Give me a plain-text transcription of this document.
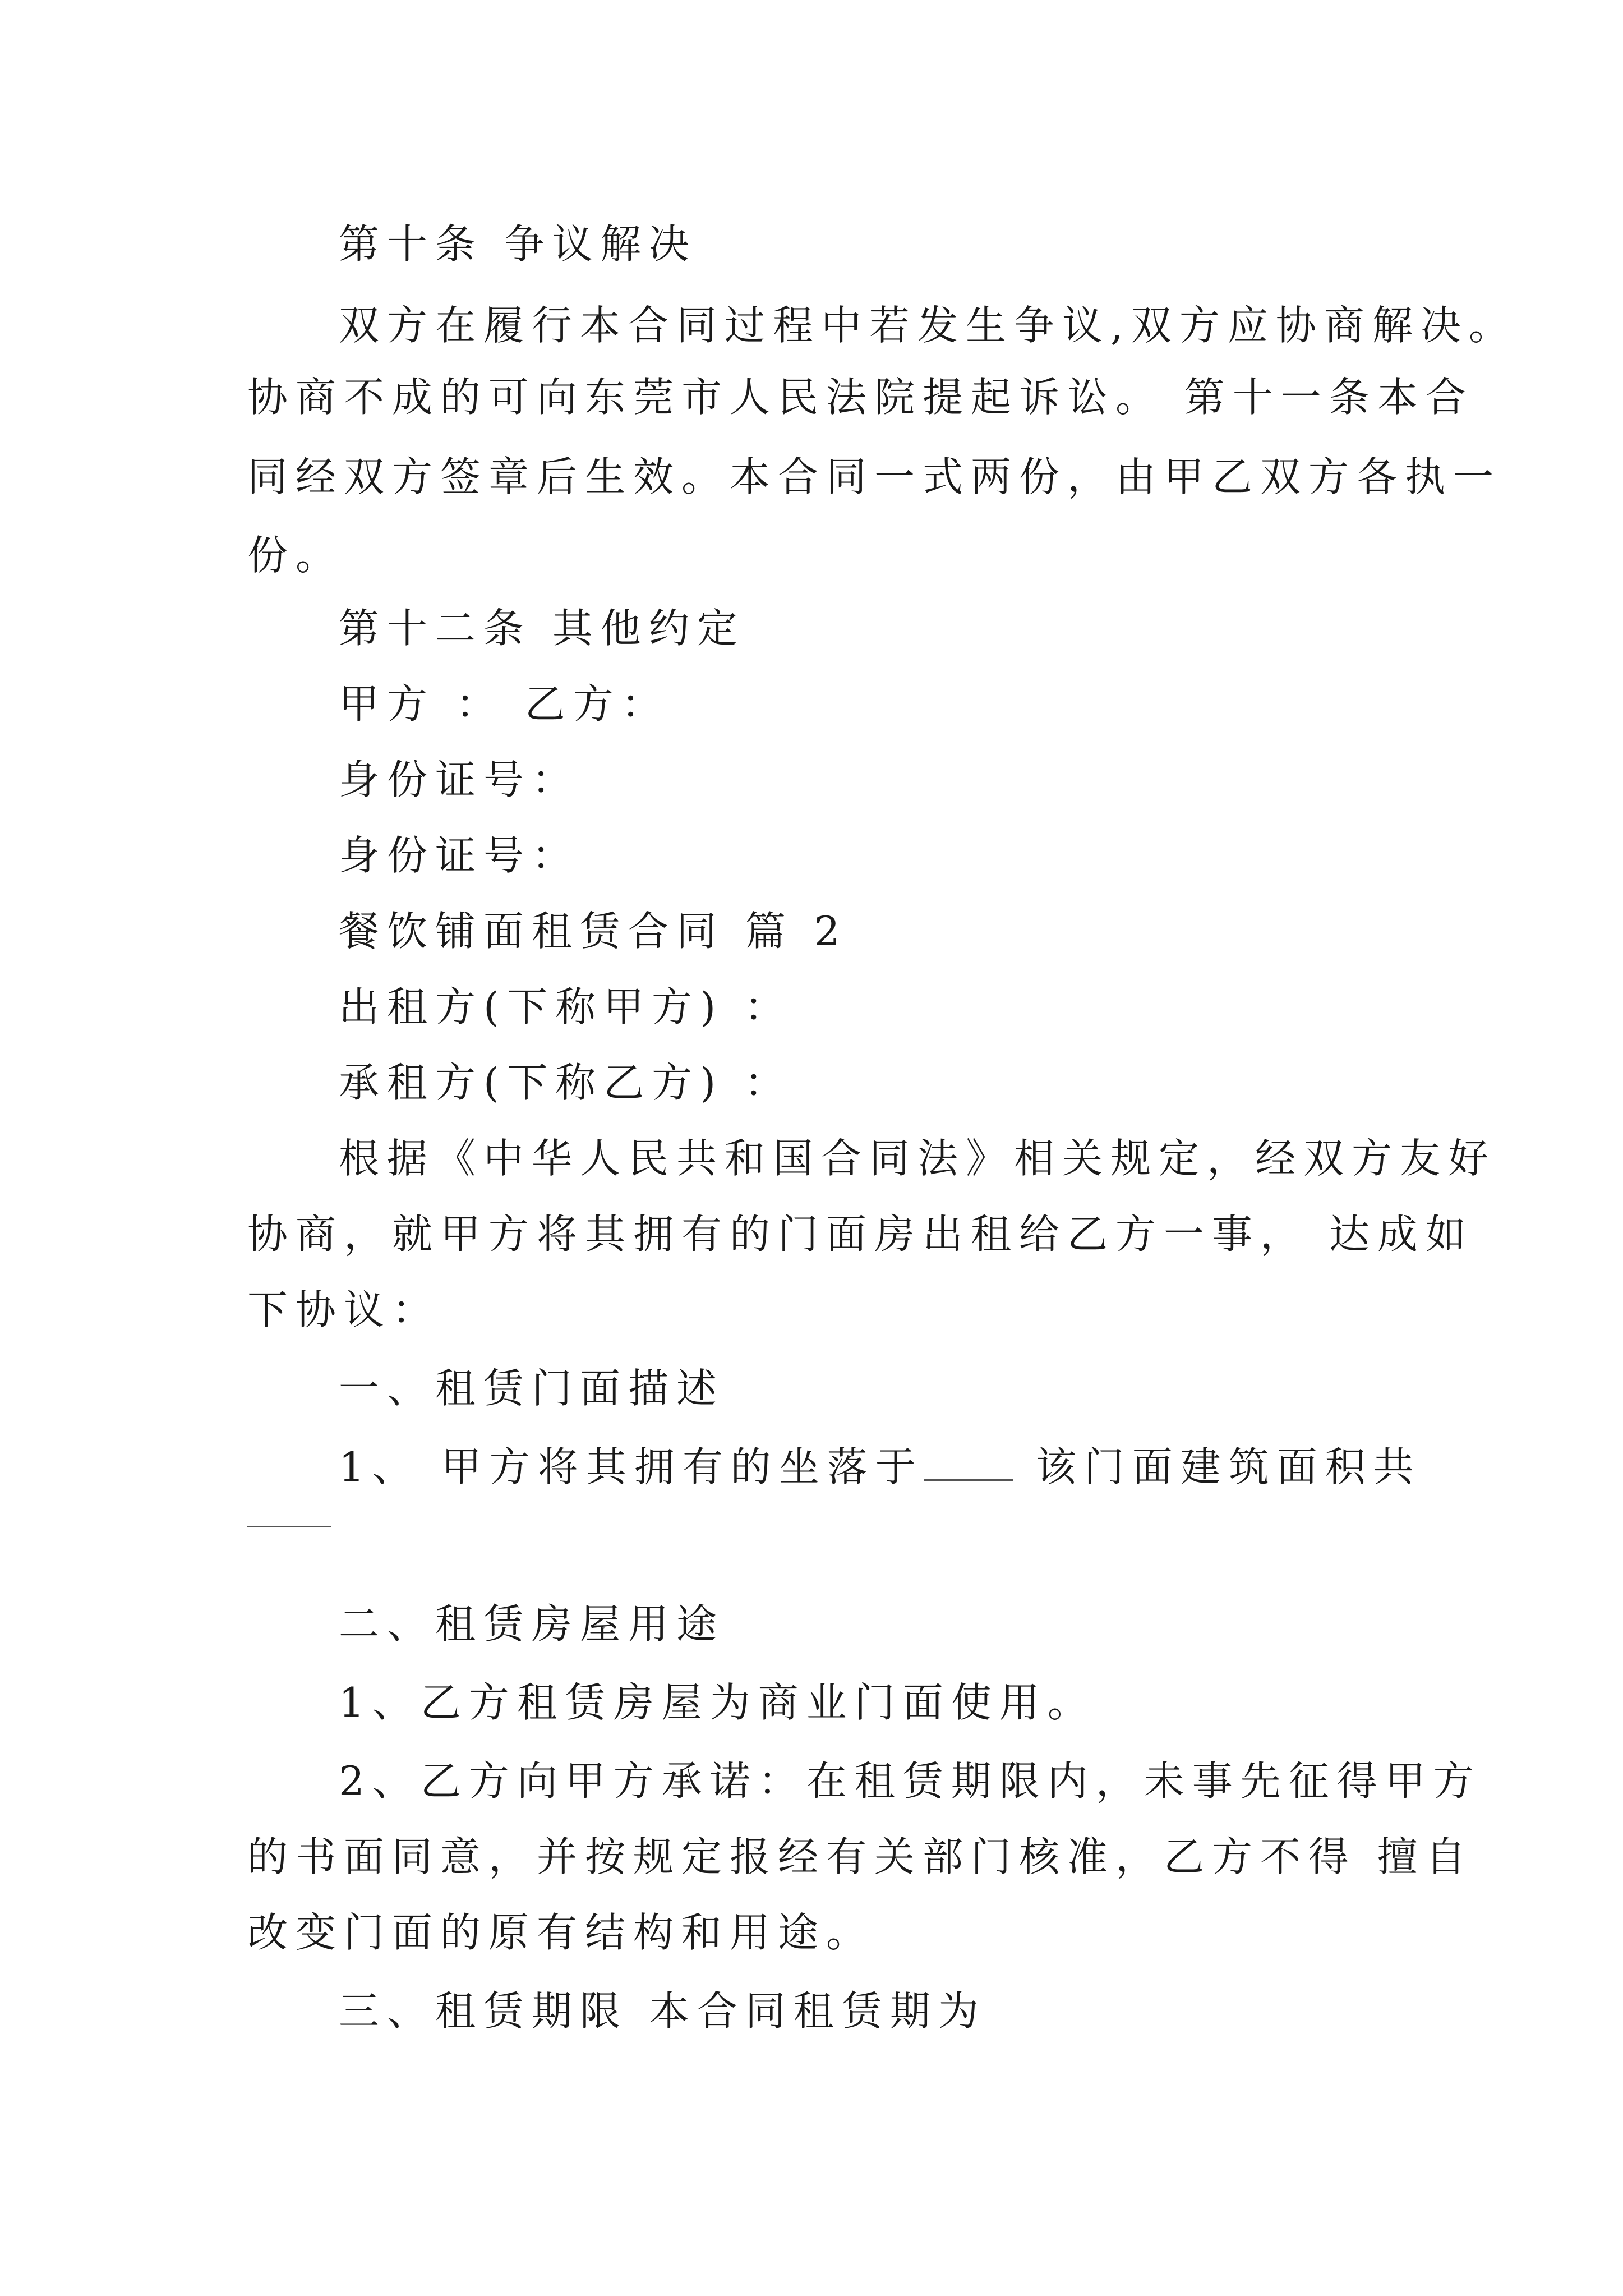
第十条 争议解决
双方在履行本合同过程中若发生争议,双方应协商解决。
协商不成的可向东莞市人民法院提起诉讼。 第十一条本合
同经双方签章后生效。本合同一式两份，由甲乙双方各执一
份。
第十二条 其他约定
甲方 ： 乙方：
身份证号：
身份证号：
餐饮铺面租赁合同 篇 2
出租方(下称甲方) ：
承租方(下称乙方) ：
根据《中华人民共和国合同法》相关规定，经双方友好
协商，就甲方将其拥有的门面房出租给乙方一事， 达成如
下协议：
一、租赁门面描述
1、 甲方将其拥有的坐落于	该门面建筑面积共
二、租赁房屋用途
1、乙方租赁房屋为商业门面使用。
2、乙方向甲方承诺：在租赁期限内，未事先征得甲方
的书面同意，并按规定报经有关部门核准，乙方不得 擅自
改变门面的原有结构和用途。
三、租赁期限 本合同租赁期为
